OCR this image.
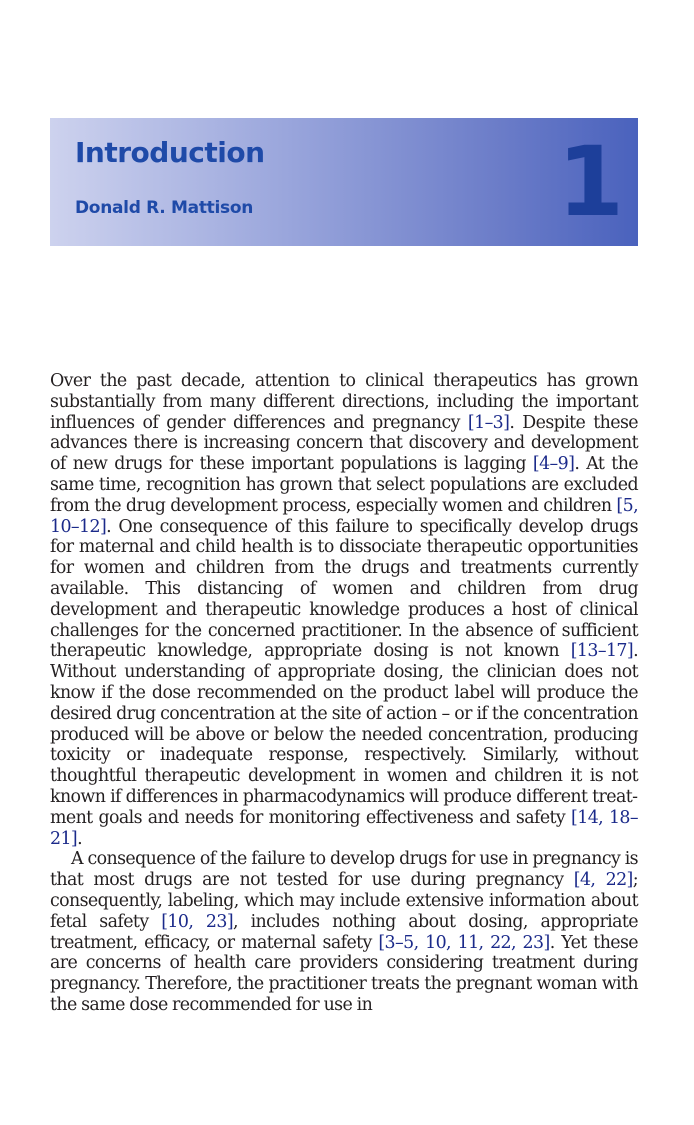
Introduction
Donald R. Mattison	1

Over the past decade, attention to clinical therapeutics has grown substantially from many different directions, including the important influences of gender differences and pregnancy [1–3]. Despite these advances there is increasing concern that discovery and development of new drugs for these important populations is lagging [4–9]. At the same time, recognition has grown that select populations are excluded from the drug development process, especially women and children [5, 10–12]. One consequence of this failure to specifically develop drugs for maternal and child health is to dissociate therapeutic opportunities for women and children from the drugs and treatments currently available. This distancing of women and children from drug development and therapeutic knowledge produces a host of clinical challenges for the concerned practitioner. In the absence of sufficient therapeutic knowledge, appropriate dosing is not known [13–17]. Without understanding of appropriate dosing, the clinician does not know if the dose recommended on the product label will produce the desired drug concentration at the site of action – or if the concentration produced will be above or below the needed concentration, producing toxicity or inadequate response, respectively. Similarly, without thoughtful therapeutic development in women and children it is not known if differences in pharmacodynamics will produce different treatment goals and needs for monitoring effectiveness and safety [14, 18–21].

A consequence of the failure to develop drugs for use in pregnancy is that most drugs are not tested for use during pregnancy [4, 22]; consequently, labeling, which may include extensive information about fetal safety [10, 23], includes nothing about dosing, appropriate treatment, efficacy, or maternal safety [3–5, 10, 11, 22, 23]. Yet these are concerns of health care providers considering treatment during pregnancy. Therefore, the practitioner treats the pregnant woman with the same dose recommended for use in
